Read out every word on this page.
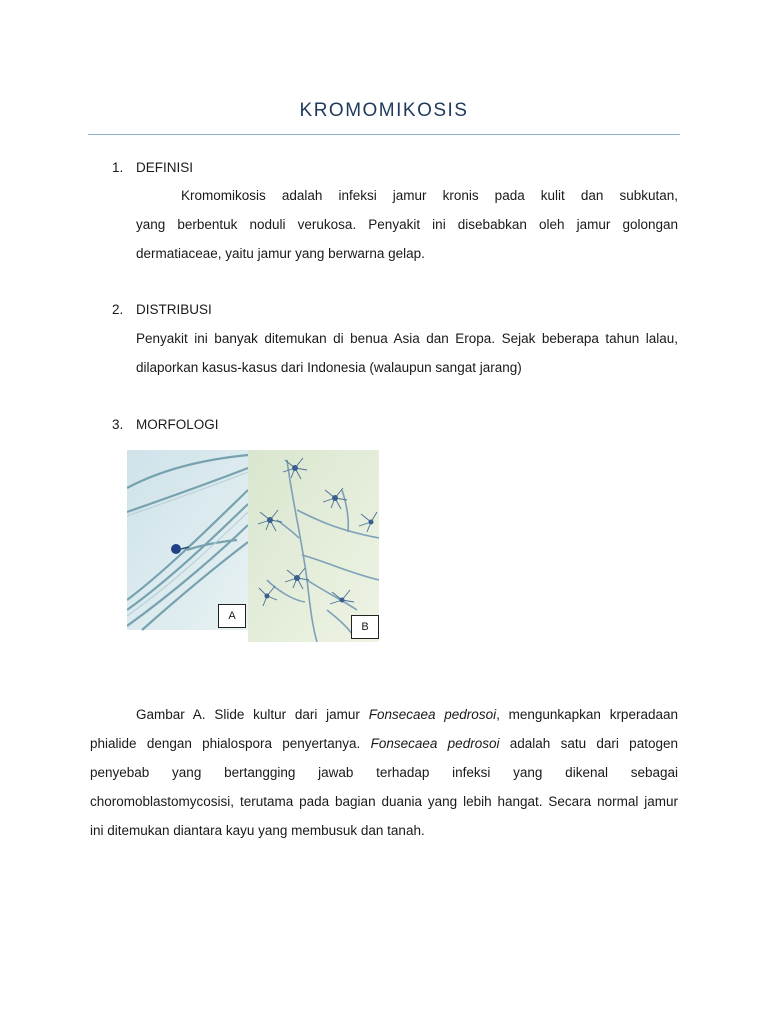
KROMOMIKOSIS
1. DEFINISI
Kromomikosis adalah infeksi jamur kronis pada kulit dan subkutan,
yang berbentuk noduli verukosa. Penyakit ini disebabkan oleh jamur golongan
dermatiaceae, yaitu jamur yang berwarna gelap.
2. DISTRIBUSI
Penyakit ini banyak ditemukan di benua Asia dan Eropa. Sejak beberapa tahun lalau,
dilaporkan kasus-kasus dari Indonesia (walaupun sangat jarang)
3. MORFOLOGI
A
B
Gambar A. Slide kultur dari jamur Fonsecaea pedrosoi, mengunkapkan krperadaan
phialide dengan phialospora penyertanya. Fonsecaea pedrosoi adalah satu dari patogen
penyebab yang bertangging jawab terhadap infeksi yang dikenal sebagai
choromoblastomycosisi, terutama pada bagian duania yang lebih hangat. Secara normal jamur
ini ditemukan diantara kayu yang membusuk dan tanah.
